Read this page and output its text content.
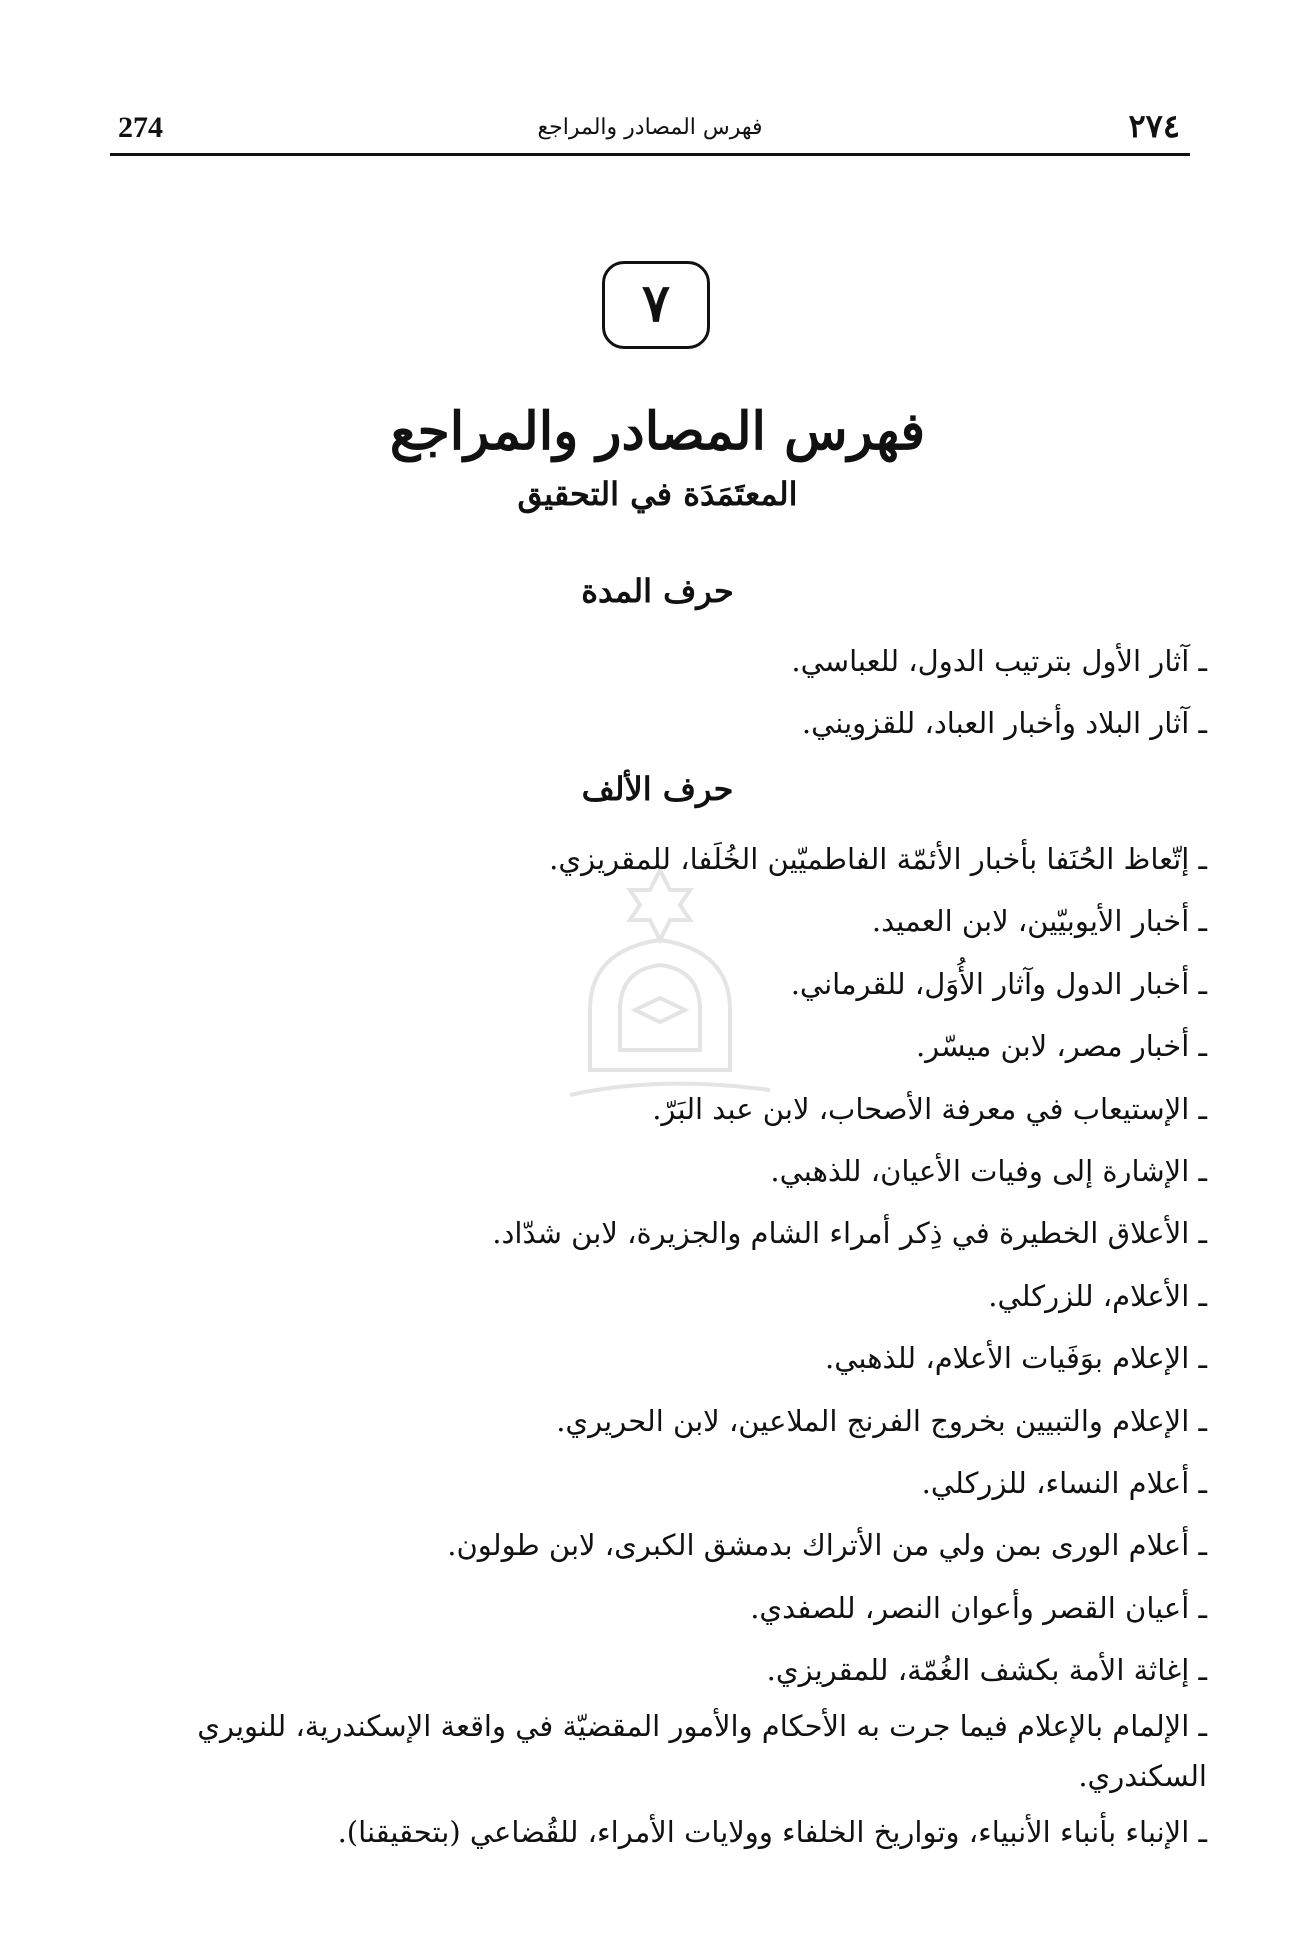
274	فهرس المصادر والمراجع	٢٧٤
٧
فهرس المصادر والمراجع
المعتَمَدَة في التحقيق
حرف المدة
ـ آثار الأول بترتيب الدول، للعباسي.
ـ آثار البلاد وأخبار العباد، للقزويني.
حرف الألف
ـ إتّعاظ الحُنَفا بأخبار الأئمّة الفاطميّين الخُلَفا، للمقريزي.
ـ أخبار الأيوبيّين، لابن العميد.
ـ أخبار الدول وآثار الأُوَل، للقرماني.
ـ أخبار مصر، لابن ميسّر.
ـ الإستيعاب في معرفة الأصحاب، لابن عبد البَرّ.
ـ الإشارة إلى وفيات الأعيان، للذهبي.
ـ الأعلاق الخطيرة في ذِكر أمراء الشام والجزيرة، لابن شدّاد.
ـ الأعلام، للزركلي.
ـ الإعلام بوَفَيات الأعلام، للذهبي.
ـ الإعلام والتبيين بخروج الفرنج الملاعين، لابن الحريري.
ـ أعلام النساء، للزركلي.
ـ أعلام الورى بمن ولي من الأتراك بدمشق الكبرى، لابن طولون.
ـ أعيان القصر وأعوان النصر، للصفدي.
ـ إغاثة الأمة بكشف الغُمّة، للمقريزي.
ـ الإلمام بالإعلام فيما جرت به الأحكام والأمور المقضيّة في واقعة الإسكندرية، للنويري السكندري.
ـ الإنباء بأنباء الأنبياء، وتواريخ الخلفاء وولايات الأمراء، للقُضاعي (بتحقيقنا).
